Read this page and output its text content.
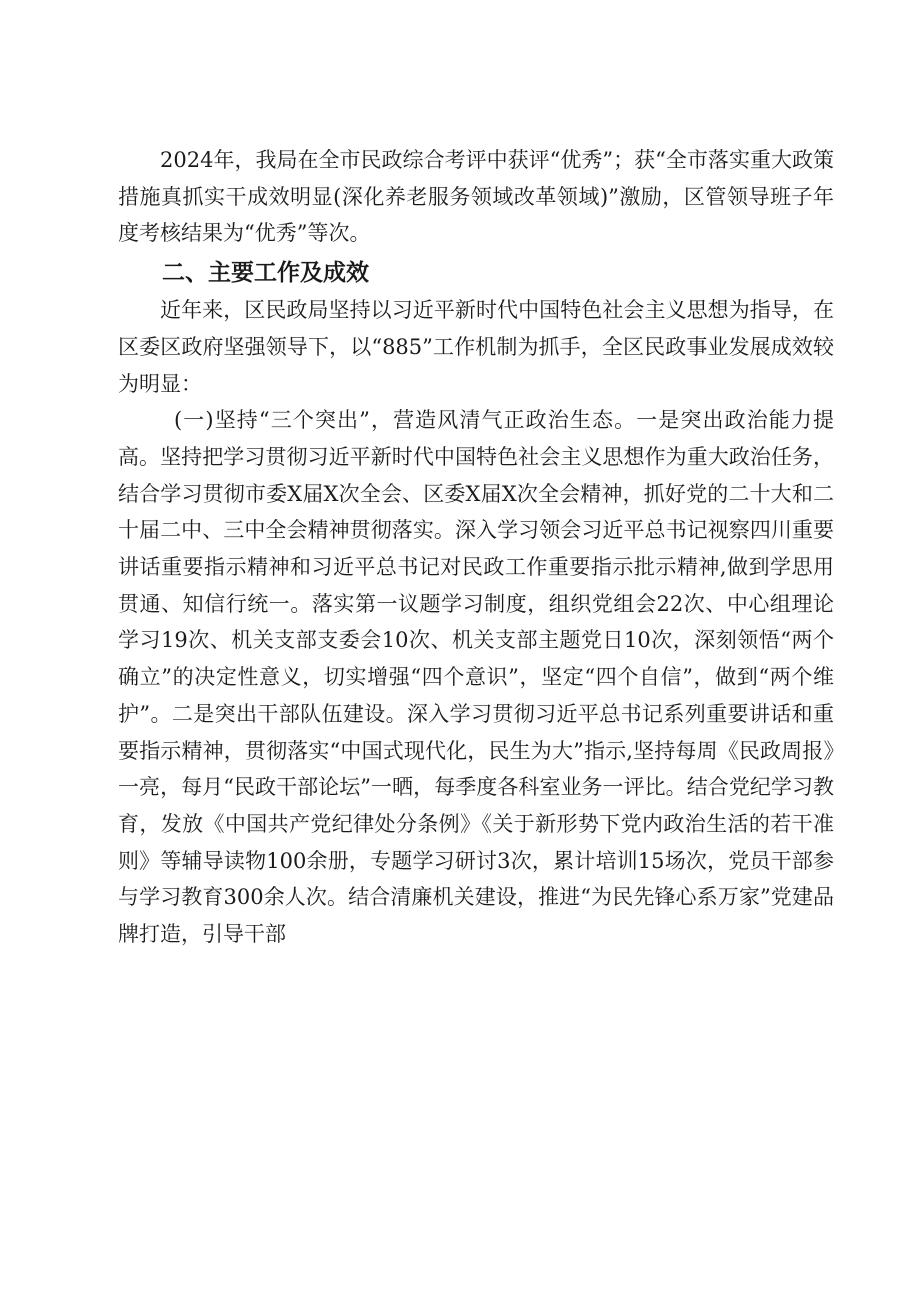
2024年，我局在全市民政综合考评中获评“优秀”；获“全市落实重大政策措施真抓实干成效明显(深化养老服务领域改革领域)”激励，区管领导班子年度考核结果为“优秀”等次。

二、主要工作及成效

近年来，区民政局坚持以习近平新时代中国特色社会主义思想为指导，在区委区政府坚强领导下，以“885”工作机制为抓手，全区民政事业发展成效较为明显：

(一)坚持“三个突出”，营造风清气正政治生态。一是突出政治能力提高。坚持把学习贯彻习近平新时代中国特色社会主义思想作为重大政治任务，结合学习贯彻市委X届X次全会、区委X届X次全会精神，抓好党的二十大和二十届二中、三中全会精神贯彻落实。深入学习领会习近平总书记视察四川重要讲话重要指示精神和习近平总书记对民政工作重要指示批示精神,做到学思用贯通、知信行统一。落实第一议题学习制度，组织党组会22次、中心组理论学习19次、机关支部支委会10次、机关支部主题党日10次，深刻领悟“两个确立”的决定性意义，切实增强“四个意识”，坚定“四个自信”，做到“两个维护”。二是突出干部队伍建设。深入学习贯彻习近平总书记系列重要讲话和重要指示精神，贯彻落实“中国式现代化，民生为大”指示,坚持每周《民政周报》一亮，每月“民政干部论坛”一晒，每季度各科室业务一评比。结合党纪学习教育，发放《中国共产党纪律处分条例》《关于新形势下党内政治生活的若干准则》等辅导读物100余册，专题学习研讨3次，累计培训15场次，党员干部参与学习教育300余人次。结合清廉机关建设，推进“为民先锋心系万家”党建品牌打造，引导干部
